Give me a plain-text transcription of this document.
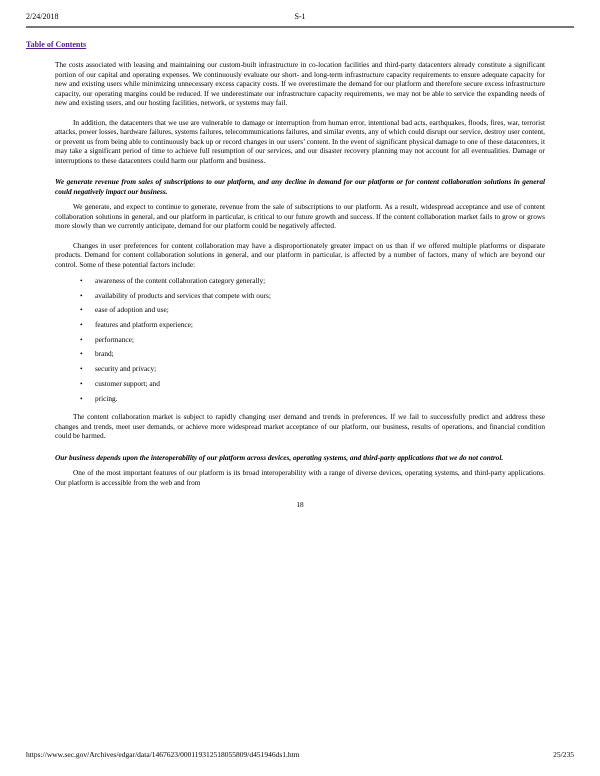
2/24/2018	S-1
Table of Contents

The costs associated with leasing and maintaining our custom-built infrastructure in co-location facilities and third-party datacenters already constitute a significant portion of our capital and operating expenses. We continuously evaluate our short- and long-term infrastructure capacity requirements to ensure adequate capacity for new and existing users while minimizing unnecessary excess capacity costs. If we overestimate the demand for our platform and therefore secure excess infrastructure capacity, our operating margins could be reduced. If we underestimate our infrastructure capacity requirements, we may not be able to service the expanding needs of new and existing users, and our hosting facilities, network, or systems may fail.

In addition, the datacenters that we use are vulnerable to damage or interruption from human error, intentional bad acts, earthquakes, floods, fires, war, terrorist attacks, power losses, hardware failures, systems failures, telecommunications failures, and similar events, any of which could disrupt our service, destroy user content, or prevent us from being able to continuously back up or record changes in our users’ content. In the event of significant physical damage to one of these datacenters, it may take a significant period of time to achieve full resumption of our services, and our disaster recovery planning may not account for all eventualities. Damage or interruptions to these datacenters could harm our platform and business.

We generate revenue from sales of subscriptions to our platform, and any decline in demand for our platform or for content collaboration solutions in general could negatively impact our business.

We generate, and expect to continue to generate, revenue from the sale of subscriptions to our platform. As a result, widespread acceptance and use of content collaboration solutions in general, and our platform in particular, is critical to our future growth and success. If the content collaboration market fails to grow or grows more slowly than we currently anticipate, demand for our platform could be negatively affected.

Changes in user preferences for content collaboration may have a disproportionately greater impact on us than if we offered multiple platforms or disparate products. Demand for content collaboration solutions in general, and our platform in particular, is affected by a number of factors, many of which are beyond our control. Some of these potential factors include:

• awareness of the content collaboration category generally;
• availability of products and services that compete with ours;
• ease of adoption and use;
• features and platform experience;
• performance;
• brand;
• security and privacy;
• customer support; and
• pricing.

The content collaboration market is subject to rapidly changing user demand and trends in preferences. If we fail to successfully predict and address these changes and trends, meet user demands, or achieve more widespread market acceptance of our platform, our business, results of operations, and financial condition could be harmed.

Our business depends upon the interoperability of our platform across devices, operating systems, and third-party applications that we do not control.

One of the most important features of our platform is its broad interoperability with a range of diverse devices, operating systems, and third-party applications. Our platform is accessible from the web and from

18
https://www.sec.gov/Archives/edgar/data/1467623/000119312518055809/d451946ds1.htm	25/235
